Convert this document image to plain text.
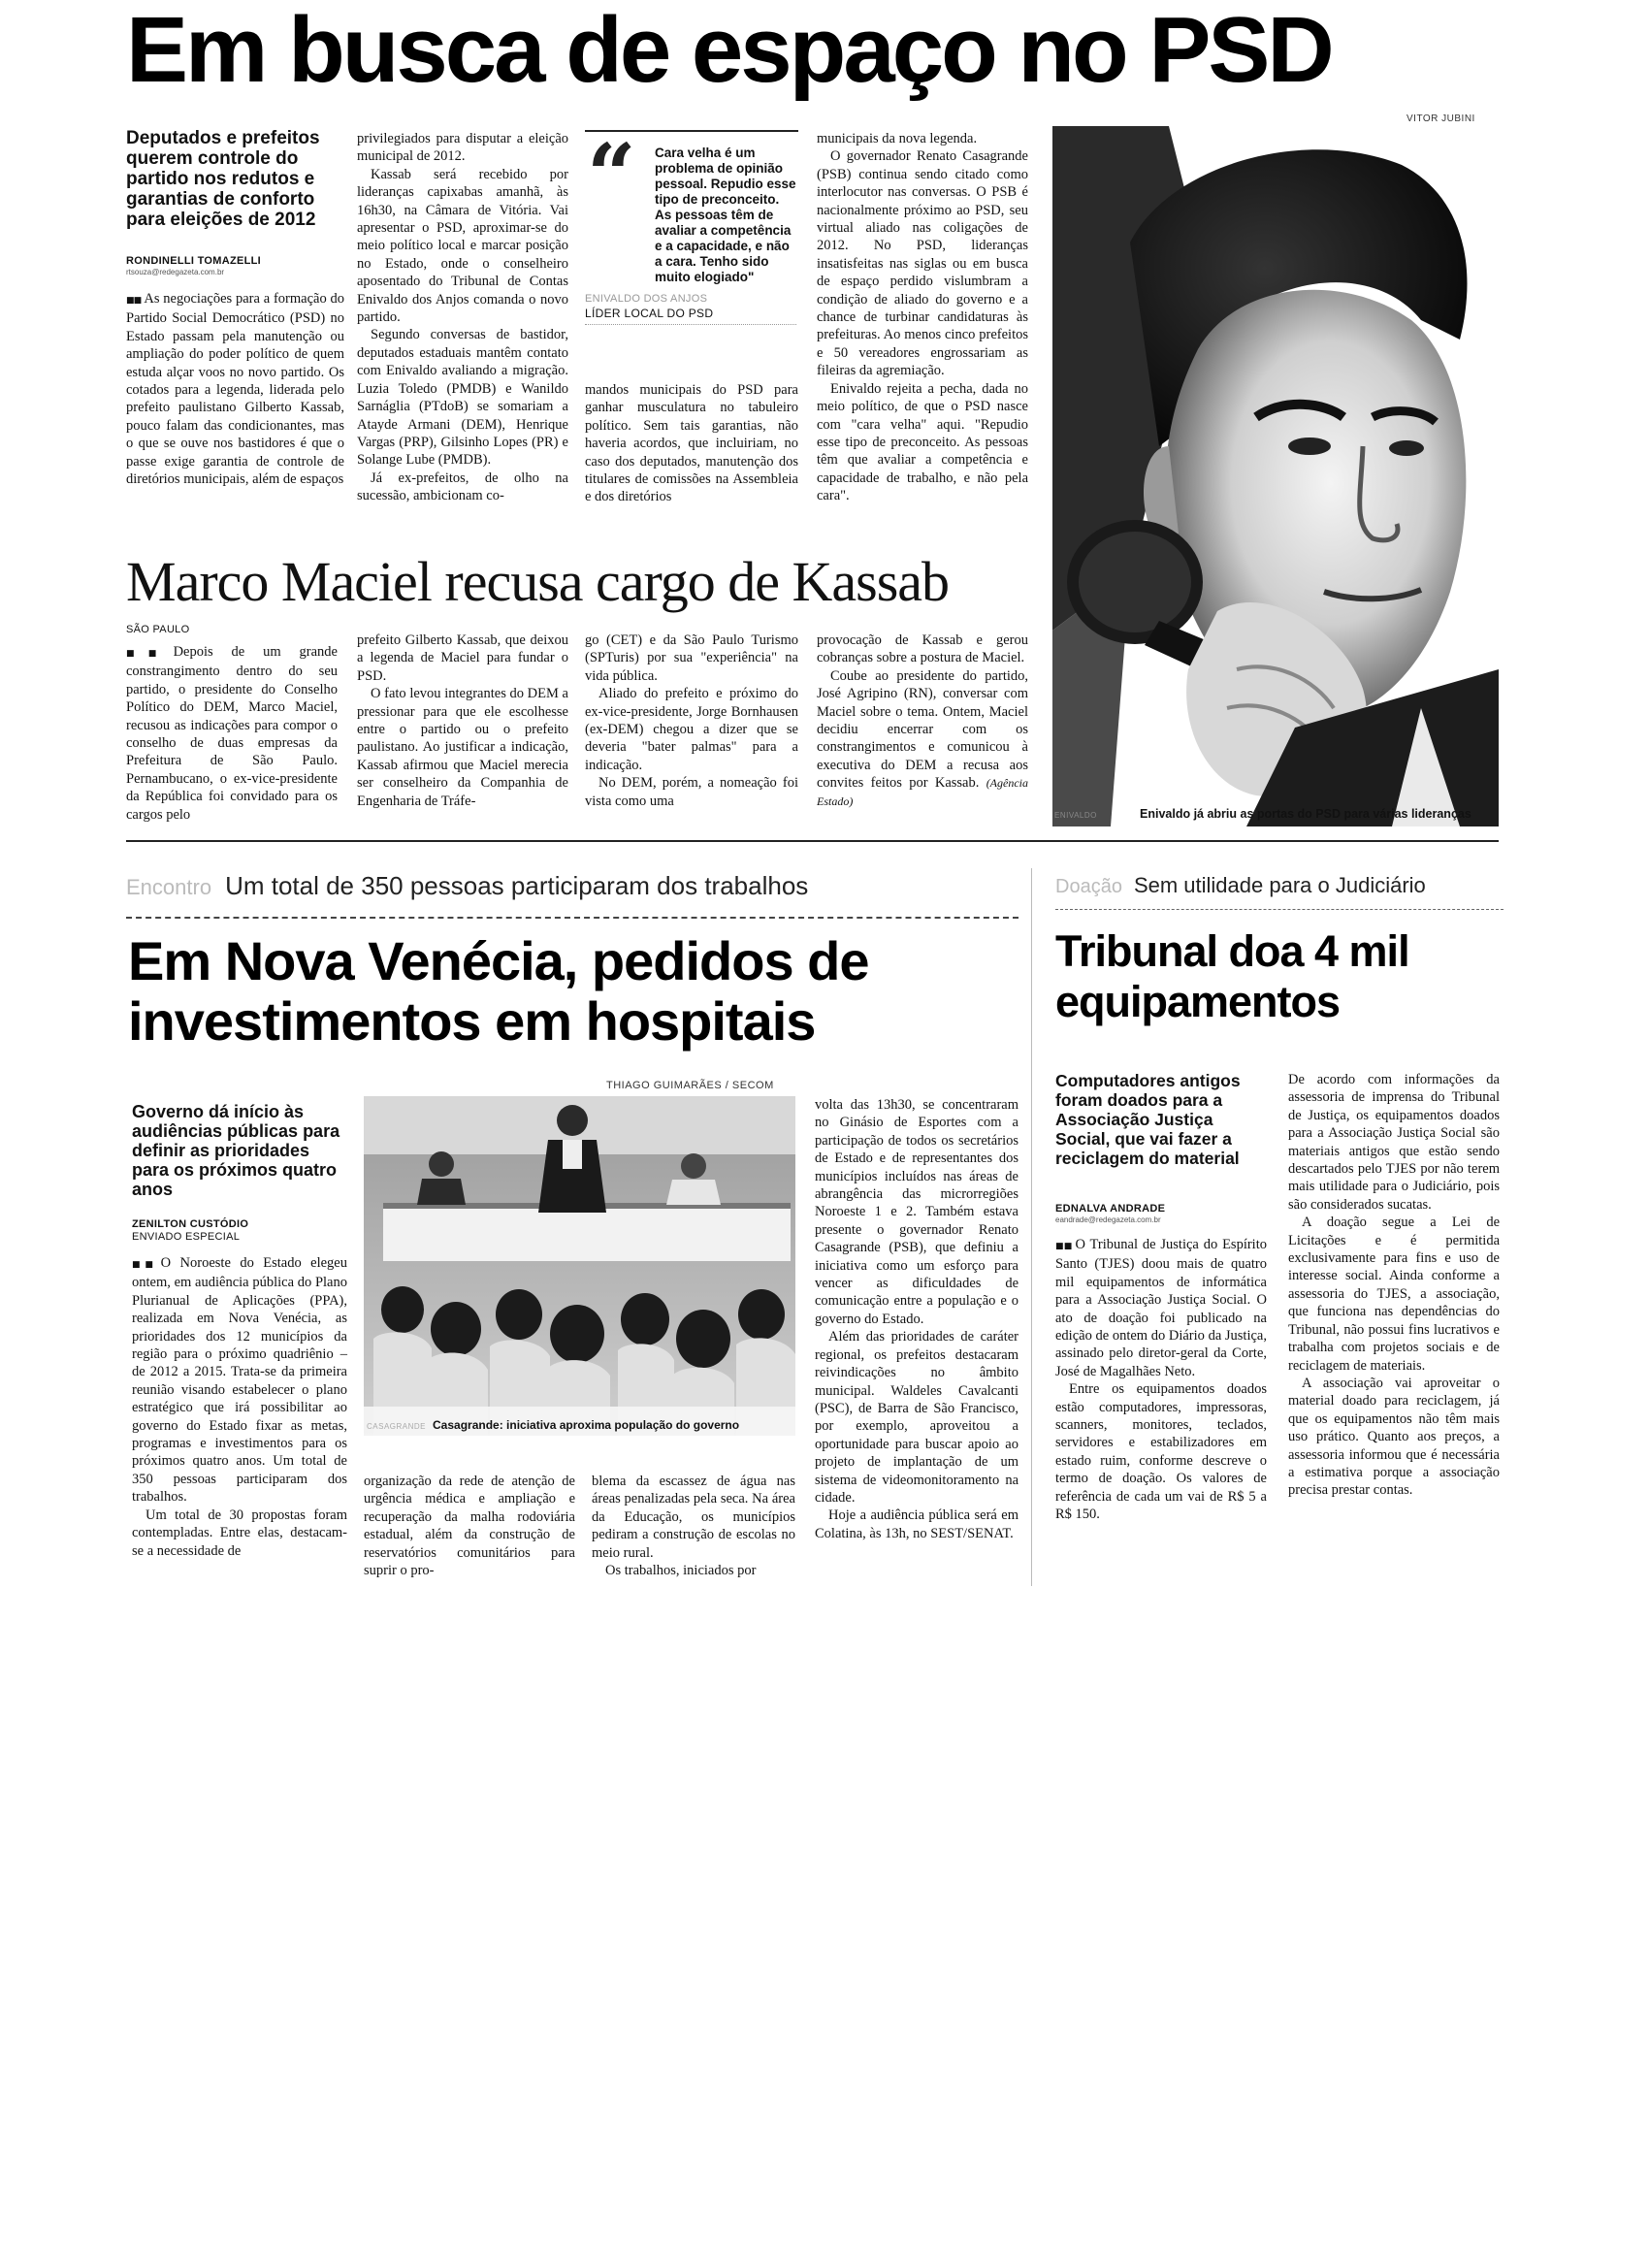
Em busca de espaço no PSD
VITOR JUBINI
Deputados e prefeitos querem controle do partido nos redutos e garantias de conforto para eleições de 2012
RONDINELLI TOMAZELLI
rtsouza@redegazeta.com.br

■■ As negociações para a formação do Partido Social Democrático (PSD) no Estado passam pela manutenção ou ampliação do poder político de quem estuda alçar voos no novo partido. Os cotados para a legenda, liderada pelo prefeito paulistano Gilberto Kassab, pouco falam das condicionantes, mas o que se ouve nos bastidores é que o passe exige garantia de controle de diretórios municipais, além de espaços

privilegiados para disputar a eleição municipal de 2012.

Kassab será recebido por lideranças capixabas amanhã, às 16h30, na Câmara de Vitória. Vai apresentar o PSD, aproximar-se do meio político local e marcar posição no Estado, onde o conselheiro aposentado do Tribunal de Contas Enivaldo dos Anjos comanda o novo partido.

Segundo conversas de bastidor, deputados estaduais mantêm contato com Enivaldo avaliando a migração. Luzia Toledo (PMDB) e Wanildo Sarnáglia (PTdoB) se somariam a Atayde Armani (DEM), Henrique Vargas (PRP), Gilsinho Lopes (PR) e Solange Lube (PMDB).

Já ex-prefeitos, de olho na sucessão, ambicionam co-

“	Cara velha é um problema de opinião pessoal. Repudio esse tipo de preconceito. As pessoas têm de avaliar a competência e a capacidade, e não a cara. Tenho sido muito elogiado"
ENIVALDO DOS ANJOS
LÍDER LOCAL DO PSD

mandos municipais do PSD para ganhar musculatura no tabuleiro político. Sem tais garantias, não haveria acordos, que incluiriam, no caso dos deputados, manutenção dos titulares de comissões na Assembleia e dos diretórios

municipais da nova legenda.

O governador Renato Casagrande (PSB) continua sendo citado como interlocutor nas conversas. O PSB é nacionalmente próximo ao PSD, seu virtual aliado nas coligações de 2012. No PSD, lideranças insatisfeitas nas siglas ou em busca de espaço perdido vislumbram a condição de aliado do governo e a chance de turbinar candidaturas às prefeituras. Ao menos cinco prefeitos e 50 vereadores engrossariam as fileiras da agremiação.

Enivaldo rejeita a pecha, dada no meio político, de que o PSD nasce com "cara velha" aqui. "Repudio esse tipo de preconceito. As pessoas têm que avaliar a competência e capacidade de trabalho, e não pela cara".

ENIVALDO	Enivaldo já abriu as portas do PSD para várias lideranças
Marco Maciel recusa cargo de Kassab
SÃO PAULO

■■ Depois de um grande constrangimento dentro do seu partido, o presidente do Conselho Político do DEM, Marco Maciel, recusou as indicações para compor o conselho de duas empresas da Prefeitura de São Paulo. Pernambucano, o ex-vice-presidente da República foi convidado para os cargos pelo

prefeito Gilberto Kassab, que deixou a legenda de Maciel para fundar o PSD.

O fato levou integrantes do DEM a pressionar para que ele escolhesse entre o partido ou o prefeito paulistano. Ao justificar a indicação, Kassab afirmou que Maciel merecia ser conselheiro da Companhia de Engenharia de Tráfe-

go (CET) e da São Paulo Turismo (SPTuris) por sua "experiência" na vida pública.

Aliado do prefeito e próximo do ex-vice-presidente, Jorge Bornhausen (ex-DEM) chegou a dizer que se deveria "bater palmas" para a indicação.

No DEM, porém, a nomeação foi vista como uma

provocação de Kassab e gerou cobranças sobre a postura de Maciel.

Coube ao presidente do partido, José Agripino (RN), conversar com Maciel sobre o tema. Ontem, Maciel decidiu encerrar com os constrangimentos e comunicou à executiva do DEM a recusa aos convites feitos por Kassab. (Agência Estado)

Encontro Um total de 350 pessoas participaram dos trabalhos
Em Nova Venécia, pedidos de
investimentos em hospitais
THIAGO GUIMARÃES / SECOM
Governo dá início às audiências públicas para definir as prioridades para os próximos quatro anos
ZENILTON CUSTÓDIO
ENVIADO ESPECIAL

■■ O Noroeste do Estado elegeu ontem, em audiência pública do Plano Plurianual de Aplicações (PPA), realizada em Nova Venécia, as prioridades dos 12 municípios da região para o próximo quadriênio – de 2012 a 2015. Trata-se da primeira reunião visando estabelecer o plano estratégico que irá possibilitar ao governo do Estado fixar as metas, programas e investimentos para os próximos quatro anos. Um total de 350 pessoas participaram dos trabalhos.

Um total de 30 propostas foram contempladas. Entre elas, destacam-se a necessidade de

CASAGRANDE Casagrande: iniciativa aproxima população do governo

organização da rede de atenção de urgência médica e ampliação e recuperação da malha rodoviária estadual, além da construção de reservatórios comunitários para suprir o pro-

blema da escassez de água nas áreas penalizadas pela seca. Na área da Educação, os municípios pediram a construção de escolas no meio rural.

Os trabalhos, iniciados por

volta das 13h30, se concentraram no Ginásio de Esportes com a participação de todos os secretários de Estado e de representantes dos municípios incluídos nas áreas de abrangência das microrregiões Noroeste 1 e 2. Também estava presente o governador Renato Casagrande (PSB), que definiu a iniciativa como um esforço para vencer as dificuldades de comunicação entre a população e o governo do Estado.

Além das prioridades de caráter regional, os prefeitos destacaram reivindicações no âmbito municipal. Waldeles Cavalcanti (PSC), de Barra de São Francisco, por exemplo, aproveitou a oportunidade para buscar apoio ao projeto de implantação de um sistema de videomonitoramento na cidade.

Hoje a audiência pública será em Colatina, às 13h, no SEST/SENAT.

Doação Sem utilidade para o Judiciário
Tribunal doa 4 mil
equipamentos
Computadores antigos foram doados para a Associação Justiça Social, que vai fazer a reciclagem do material
EDNALVA ANDRADE
eandrade@redegazeta.com.br

■■ O Tribunal de Justiça do Espírito Santo (TJES) doou mais de quatro mil equipamentos de informática para a Associação Justiça Social. O ato de doação foi publicado na edição de ontem do Diário da Justiça, assinado pelo diretor-geral da Corte, José de Magalhães Neto.

Entre os equipamentos doados estão computadores, impressoras, scanners, monitores, teclados, servidores e estabilizadores em estado ruim, conforme descreve o termo de doação. Os valores de referência de cada um vai de R$ 5 a R$ 150.

De acordo com informações da assessoria de imprensa do Tribunal de Justiça, os equipamentos doados para a Associação Justiça Social são materiais antigos que estão sendo descartados pelo TJES por não terem mais utilidade para o Judiciário, pois são considerados sucatas.

A doação segue a Lei de Licitações e é permitida exclusivamente para fins e uso de interesse social. Ainda conforme a assessoria do TJES, a associação, que funciona nas dependências do Tribunal, não possui fins lucrativos e trabalha com projetos sociais e de reciclagem de materiais.

A associação vai aproveitar o material doado para reciclagem, já que os equipamentos não têm mais uso prático. Quanto aos preços, a assessoria informou que é necessária a estimativa porque a associação precisa prestar contas.
